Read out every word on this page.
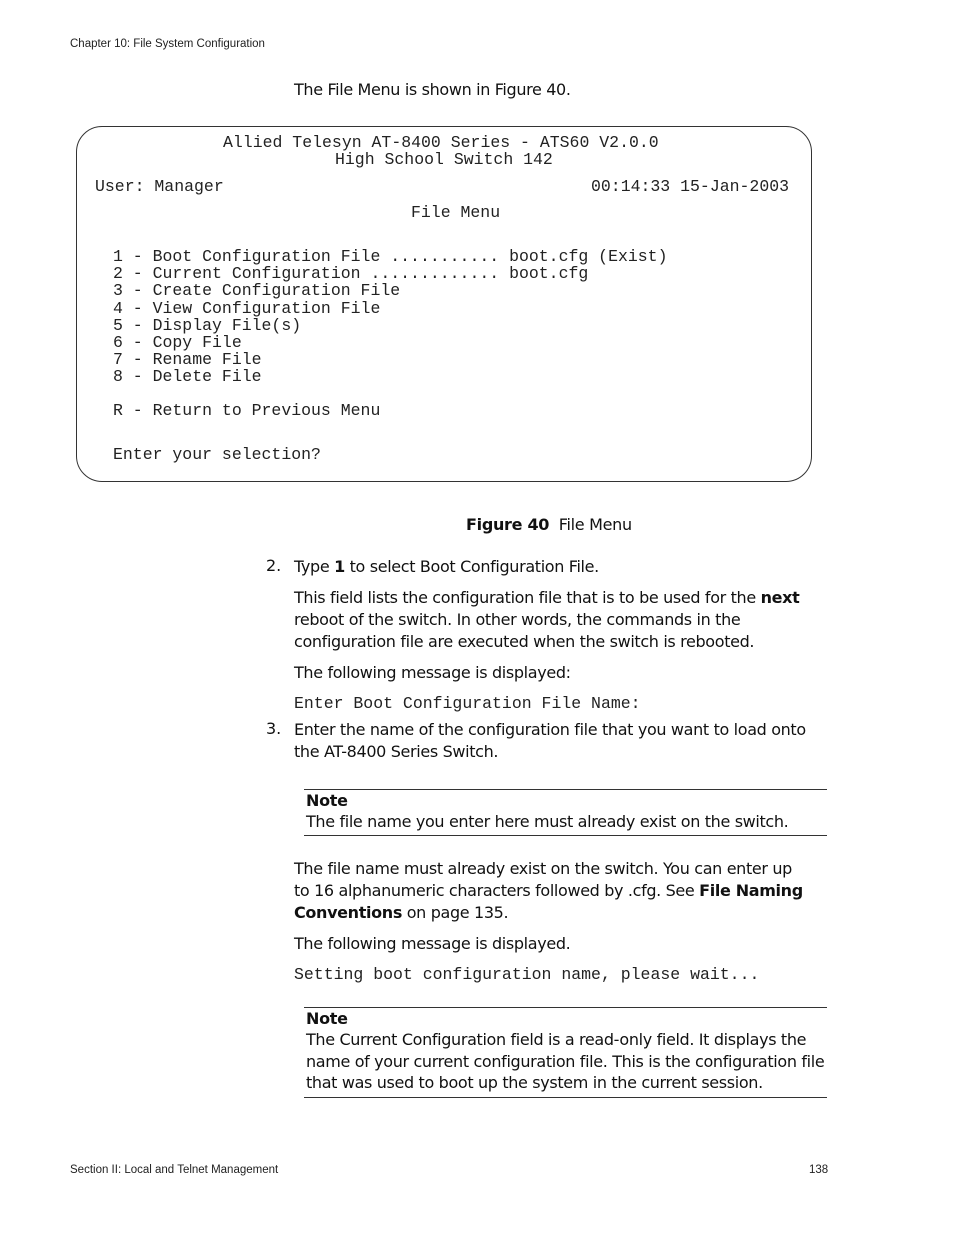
Chapter 10: File System Configuration
The File Menu is shown in Figure 40.
Allied Telesyn AT-8400 Series - ATS60 V2.0.0
High School Switch 142
User: Manager	00:14:33 15-Jan-2003
File Menu
1 - Boot Configuration File ........... boot.cfg (Exist)
2 - Current Configuration ............. boot.cfg
3 - Create Configuration File
4 - View Configuration File
5 - Display File(s)
6 - Copy File
7 - Rename File
8 - Delete File
R - Return to Previous Menu
Enter your selection?
Figure 40 File Menu
2. Type 1 to select Boot Configuration File.
This field lists the configuration file that is to be used for the next reboot of the switch. In other words, the commands in the configuration file are executed when the switch is rebooted.
The following message is displayed:
Enter Boot Configuration File Name:
3. Enter the name of the configuration file that you want to load onto the AT-8400 Series Switch.
Note
The file name you enter here must already exist on the switch.
The file name must already exist on the switch. You can enter up to 16 alphanumeric characters followed by .cfg. See File Naming Conventions on page 135.
The following message is displayed.
Setting boot configuration name, please wait...
Note
The Current Configuration field is a read-only field. It displays the name of your current configuration file. This is the configuration file that was used to boot up the system in the current session.
Section II: Local and Telnet Management	138
